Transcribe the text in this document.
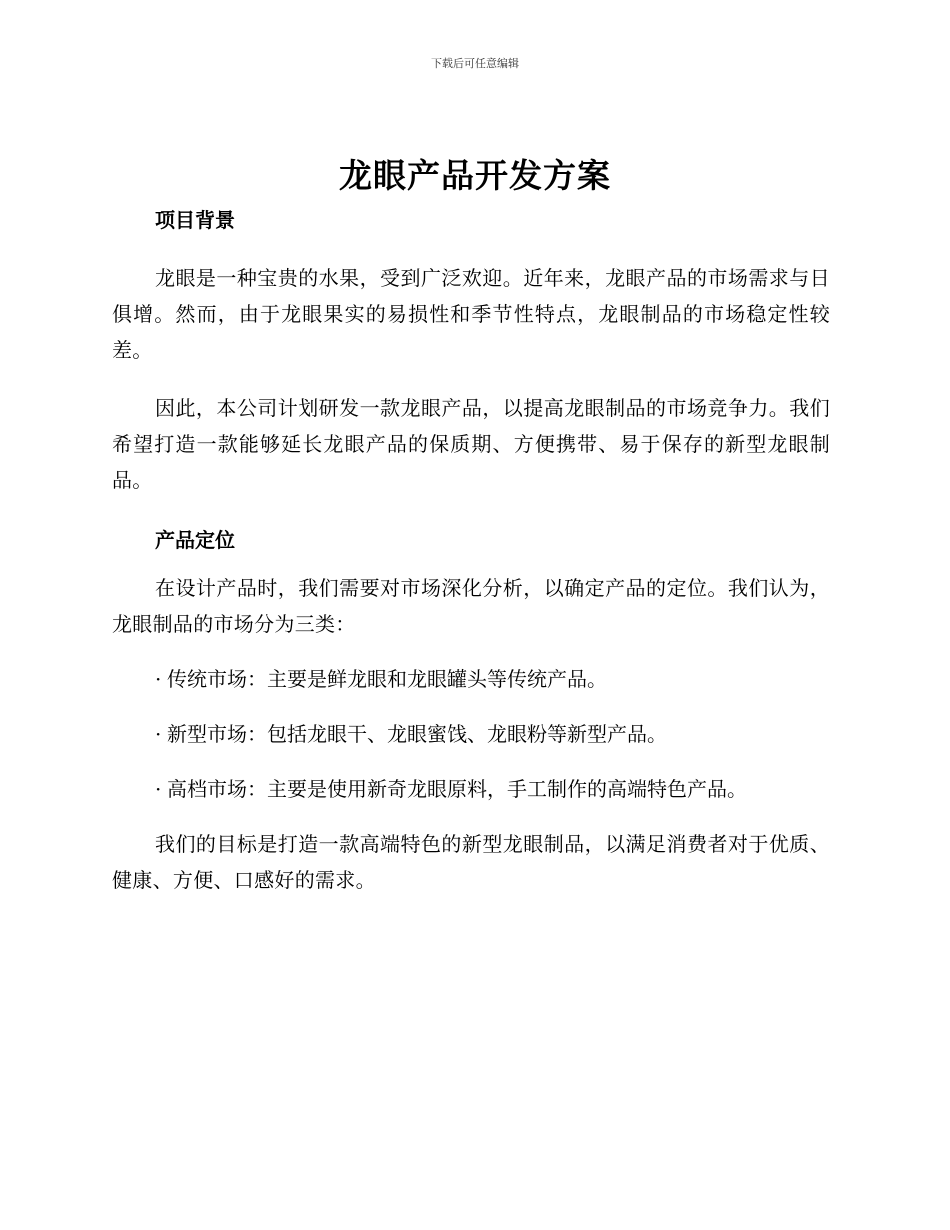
下载后可任意编辑
龙眼产品开发方案
项目背景

龙眼是一种宝贵的水果，受到广泛欢迎。近年来，龙眼产品的市场需求与日俱增。然而，由于龙眼果实的易损性和季节性特点，龙眼制品的市场稳定性较差。

因此，本公司计划研发一款龙眼产品，以提高龙眼制品的市场竞争力。我们希望打造一款能够延长龙眼产品的保质期、方便携带、易于保存的新型龙眼制品。

产品定位

在设计产品时，我们需要对市场深化分析，以确定产品的定位。我们认为，龙眼制品的市场分为三类：

· 传统市场：主要是鲜龙眼和龙眼罐头等传统产品。

· 新型市场：包括龙眼干、龙眼蜜饯、龙眼粉等新型产品。

· 高档市场：主要是使用新奇龙眼原料，手工制作的高端特色产品。

我们的目标是打造一款高端特色的新型龙眼制品，以满足消费者对于优质、健康、方便、口感好的需求。
